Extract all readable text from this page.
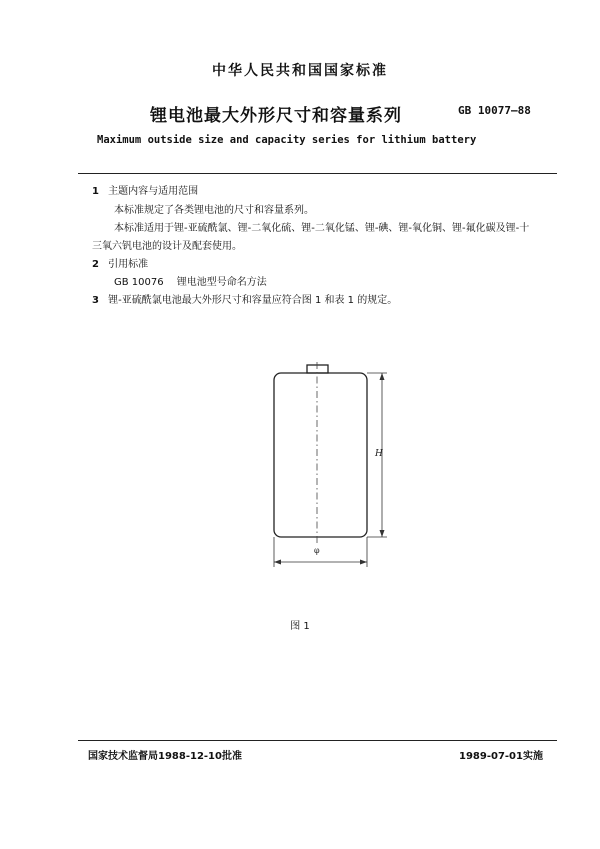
中华人民共和国国家标准
锂电池最大外形尺寸和容量系列	GB 10077—88
Maximum outside size and capacity series for lithium battery
1 主题内容与适用范围
本标准规定了各类锂电池的尺寸和容量系列。
本标准适用于锂-亚硫酰氯、锂-二氧化硫、锂-二氧化锰、锂-碘、锂-氧化铜、锂-氟化碳及锂-十
三氧六钒电池的设计及配套使用。
2 引用标准
GB 10076 锂电池型号命名方法
3 锂-亚硫酰氯电池最大外形尺寸和容量应符合图 1 和表 1 的规定。
H
φ
图 1
国家技术监督局1988-12-10批准	1989-07-01实施
